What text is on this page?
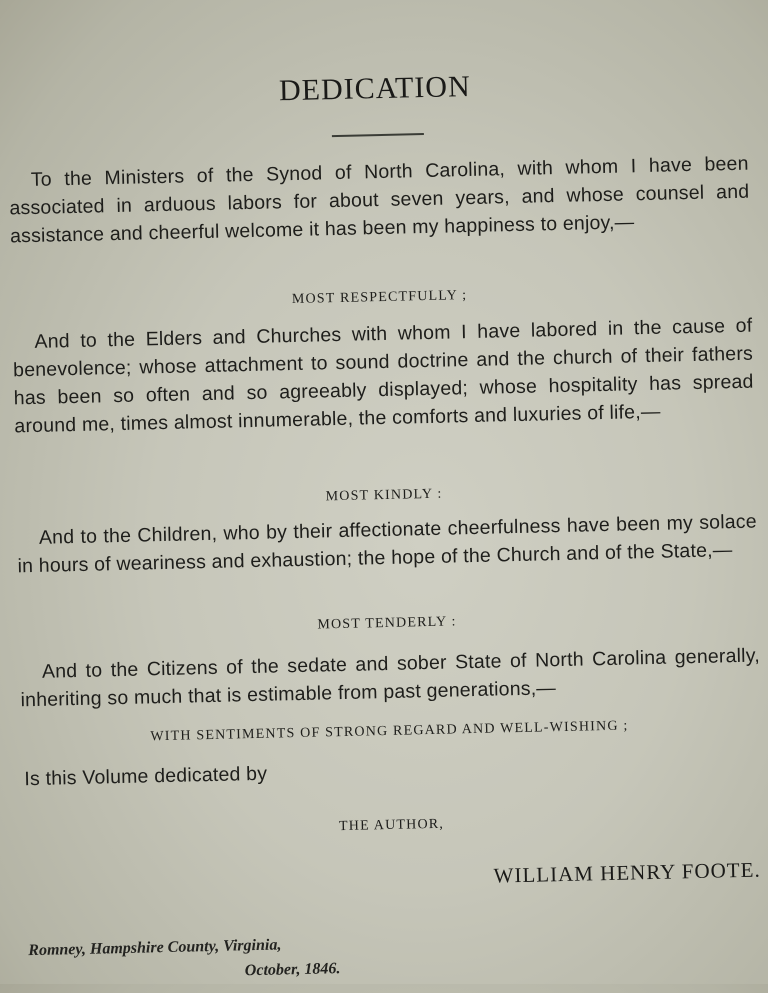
DEDICATION
To the Ministers of the Synod of North Carolina, with whom I have been associated in arduous labors for about seven years, and whose counsel and assistance and cheerful welcome it has been my happiness to enjoy,—
MOST RESPECTFULLY ;
And to the Elders and Churches with whom I have labored in the cause of benevolence; whose attachment to sound doctrine and the church of their fathers has been so often and so agreeably displayed; whose hospitality has spread around me, times almost innumerable, the comforts and luxuries of life,—
MOST KINDLY :
And to the Children, who by their affectionate cheerfulness have been my solace in hours of weariness and exhaustion; the hope of the Church and of the State,—
MOST TENDERLY :
And to the Citizens of the sedate and sober State of North Carolina generally, inheriting so much that is estimable from past generations,—
WITH SENTIMENTS OF STRONG REGARD AND WELL-WISHING ;
Is this Volume dedicated by
THE AUTHOR,
WILLIAM HENRY FOOTE.
Romney, Hampshire County, Virginia,
October, 1846.
